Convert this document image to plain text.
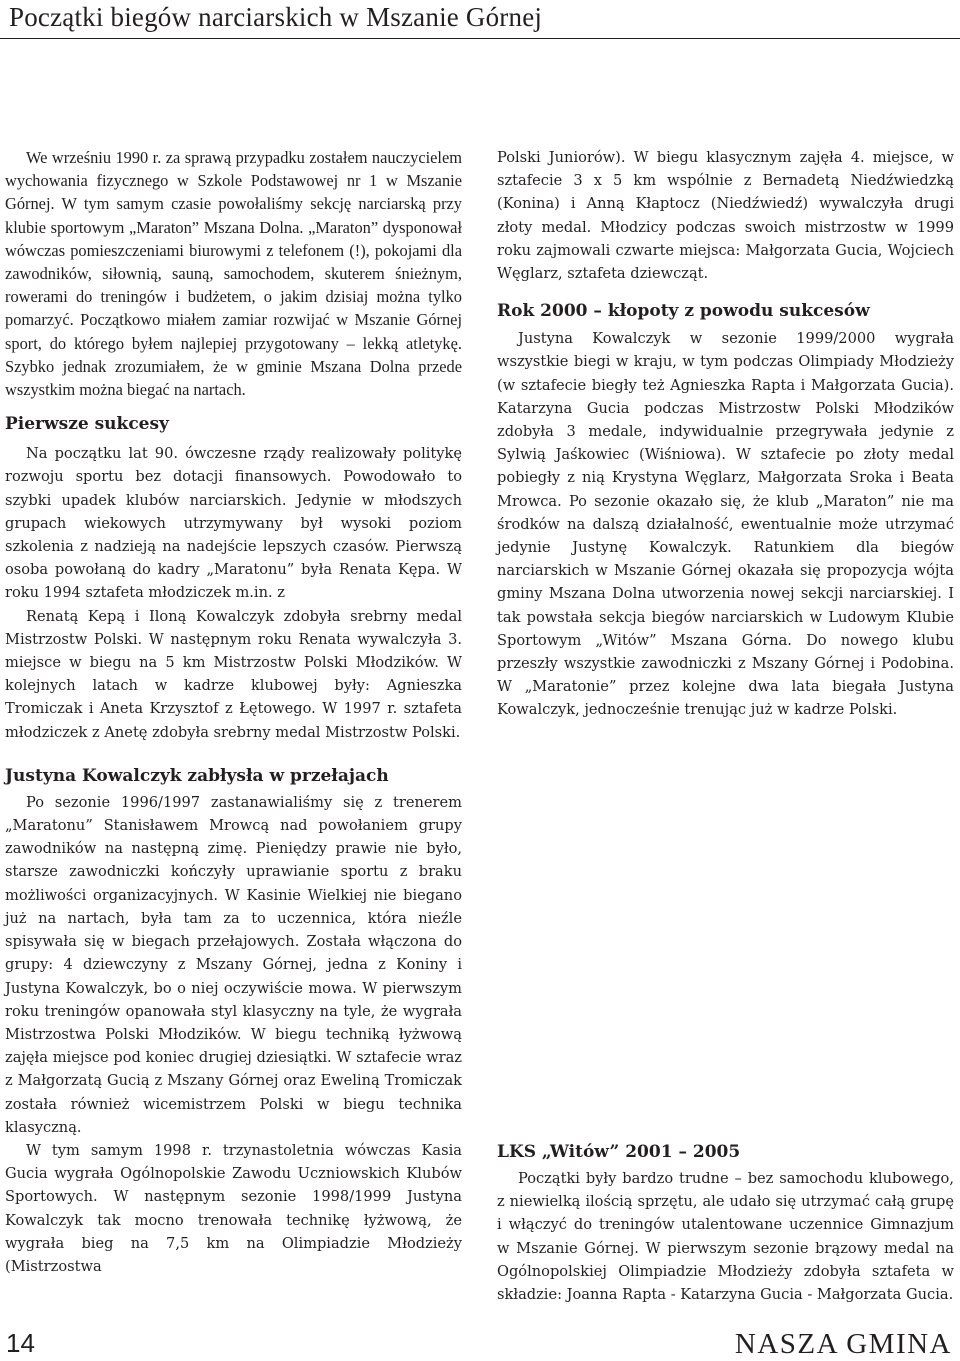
Początki biegów narciarskich w Mszanie Górnej

We wrześniu 1990 r. za sprawą przypadku zostałem nauczycielem wychowania fizycznego w Szkole Podstawowej nr 1 w Mszanie Górnej. W tym samym czasie powołaliśmy sekcję narciarską przy klubie sportowym „Maraton” Mszana Dolna. „Maraton” dysponował wówczas pomieszczeniami biurowymi z telefonem (!), pokojami dla zawodników, siłownią, sauną, samochodem, skuterem śnieżnym, rowerami do treningów i budżetem, o jakim dzisiaj można tylko pomarzyć. Początkowo miałem zamiar rozwijać w Mszanie Górnej sport, do którego byłem najlepiej przygotowany – lekką atletykę. Szybko jednak zrozumiałem, że w gminie Mszana Dolna przede wszystkim można biegać na nartach.

Pierwsze sukcesy

Na początku lat 90. ówczesne rządy realizowały politykę rozwoju sportu bez dotacji finansowych. Powodowało to szybki upadek klubów narciarskich. Jedynie w młodszych grupach wiekowych utrzymywany był wysoki poziom szkolenia z nadzieją na nadejście lepszych czasów. Pierwszą osoba powołaną do kadry „Maratonu” była Renata Kępa. W roku 1994 sztafeta młodziczek m.in. z

Renatą Kepą i Iloną Kowalczyk zdobyła srebrny medal Mistrzostw Polski. W następnym roku Renata wywalczyła 3. miejsce w biegu na 5 km Mistrzostw Polski Młodzików. W kolejnych latach w kadrze klubowej były: Agnieszka Tromiczak i Aneta Krzysztof z Łętowego. W 1997 r. sztafeta młodziczek z Anetę zdobyła srebrny medal Mistrzostw Polski.

Justyna Kowalczyk zabłysła w przełajach

Po sezonie 1996/1997 zastanawialiśmy się z trenerem „Maratonu” Stanisławem Mrowcą nad powołaniem grupy zawodników na następną zimę. Pieniędzy prawie nie było, starsze zawodniczki kończyły uprawianie sportu z braku możliwości organizacyjnych. W Kasinie Wielkiej nie biegano już na nartach, była tam za to uczennica, która nieźle spisywała się w biegach przełajowych. Została włączona do grupy: 4 dziewczyny z Mszany Górnej, jedna z Koniny i Justyna Kowalczyk, bo o niej oczywiście mowa. W pierwszym roku treningów opanowała styl klasyczny na tyle, że wygrała Mistrzostwa Polski Młodzików. W biegu techniką łyżwową zajęła miejsce pod koniec drugiej dziesiątki. W sztafecie wraz z Małgorzatą Gucią z Mszany Górnej oraz Eweliną Tromiczak została również wicemistrzem Polski w biegu technika klasyczną.

W tym samym 1998 r. trzynastoletnia wówczas Kasia Gucia wygrała Ogólnopolskie Zawodu Uczniowskich Klubów Sportowych. W następnym sezonie 1998/1999 Justyna Kowalczyk tak mocno trenowała technikę łyżwową, że wygrała bieg na 7,5 km na Olimpiadzie Młodzieży (Mistrzostwa

Polski Juniorów). W biegu klasycznym zajęła 4. miejsce, w sztafecie 3 x 5 km wspólnie z Bernadetą Niedźwiedzką (Konina) i Anną Kłaptocz (Niedźwiedź) wywalczyła drugi złoty medal. Młodzicy podczas swoich mistrzostw w 1999 roku zajmowali czwarte miejsca: Małgorzata Gucia, Wojciech Węglarz, sztafeta dziewcząt.

Rok 2000 – kłopoty z powodu sukcesów

Justyna Kowalczyk w sezonie 1999/2000 wygrała wszystkie biegi w kraju, w tym podczas Olimpiady Młodzieży (w sztafecie biegły też Agnieszka Rapta i Małgorzata Gucia). Katarzyna Gucia podczas Mistrzostw Polski Młodzików zdobyła 3 medale, indywidualnie przegrywała jedynie z Sylwią Jaśkowiec (Wiśniowa). W sztafecie po złoty medal pobiegły z nią Krystyna Węglarz, Małgorzata Sroka i Beata Mrowca. Po sezonie okazało się, że klub „Maraton” nie ma środków na dalszą działalność, ewentualnie może utrzymać jedynie Justynę Kowalczyk. Ratunkiem dla biegów narciarskich w Mszanie Górnej okazała się propozycja wójta gminy Mszana Dolna utworzenia nowej sekcji narciarskiej. I tak powstała sekcja biegów narciarskich w Ludowym Klubie Sportowym „Witów” Mszana Górna. Do nowego klubu przeszły wszystkie zawodniczki z Mszany Górnej i Podobina. W „Maratonie” przez kolejne dwa lata biegała Justyna Kowalczyk, jednocześnie trenując już w kadrze Polski.

LKS „Witów” 2001 – 2005

Początki były bardzo trudne – bez samochodu klubowego, z niewielką ilością sprzętu, ale udało się utrzymać całą grupę i włączyć do treningów utalentowane uczennice Gimnazjum w Mszanie Górnej. W pierwszym sezonie brązowy medal na Ogólnopolskiej Olimpiadzie Młodzieży zdobyła sztafeta w składzie: Joanna Rapta - Katarzyna Gucia - Małgorzata Gucia.

14	NASZA GMINA
